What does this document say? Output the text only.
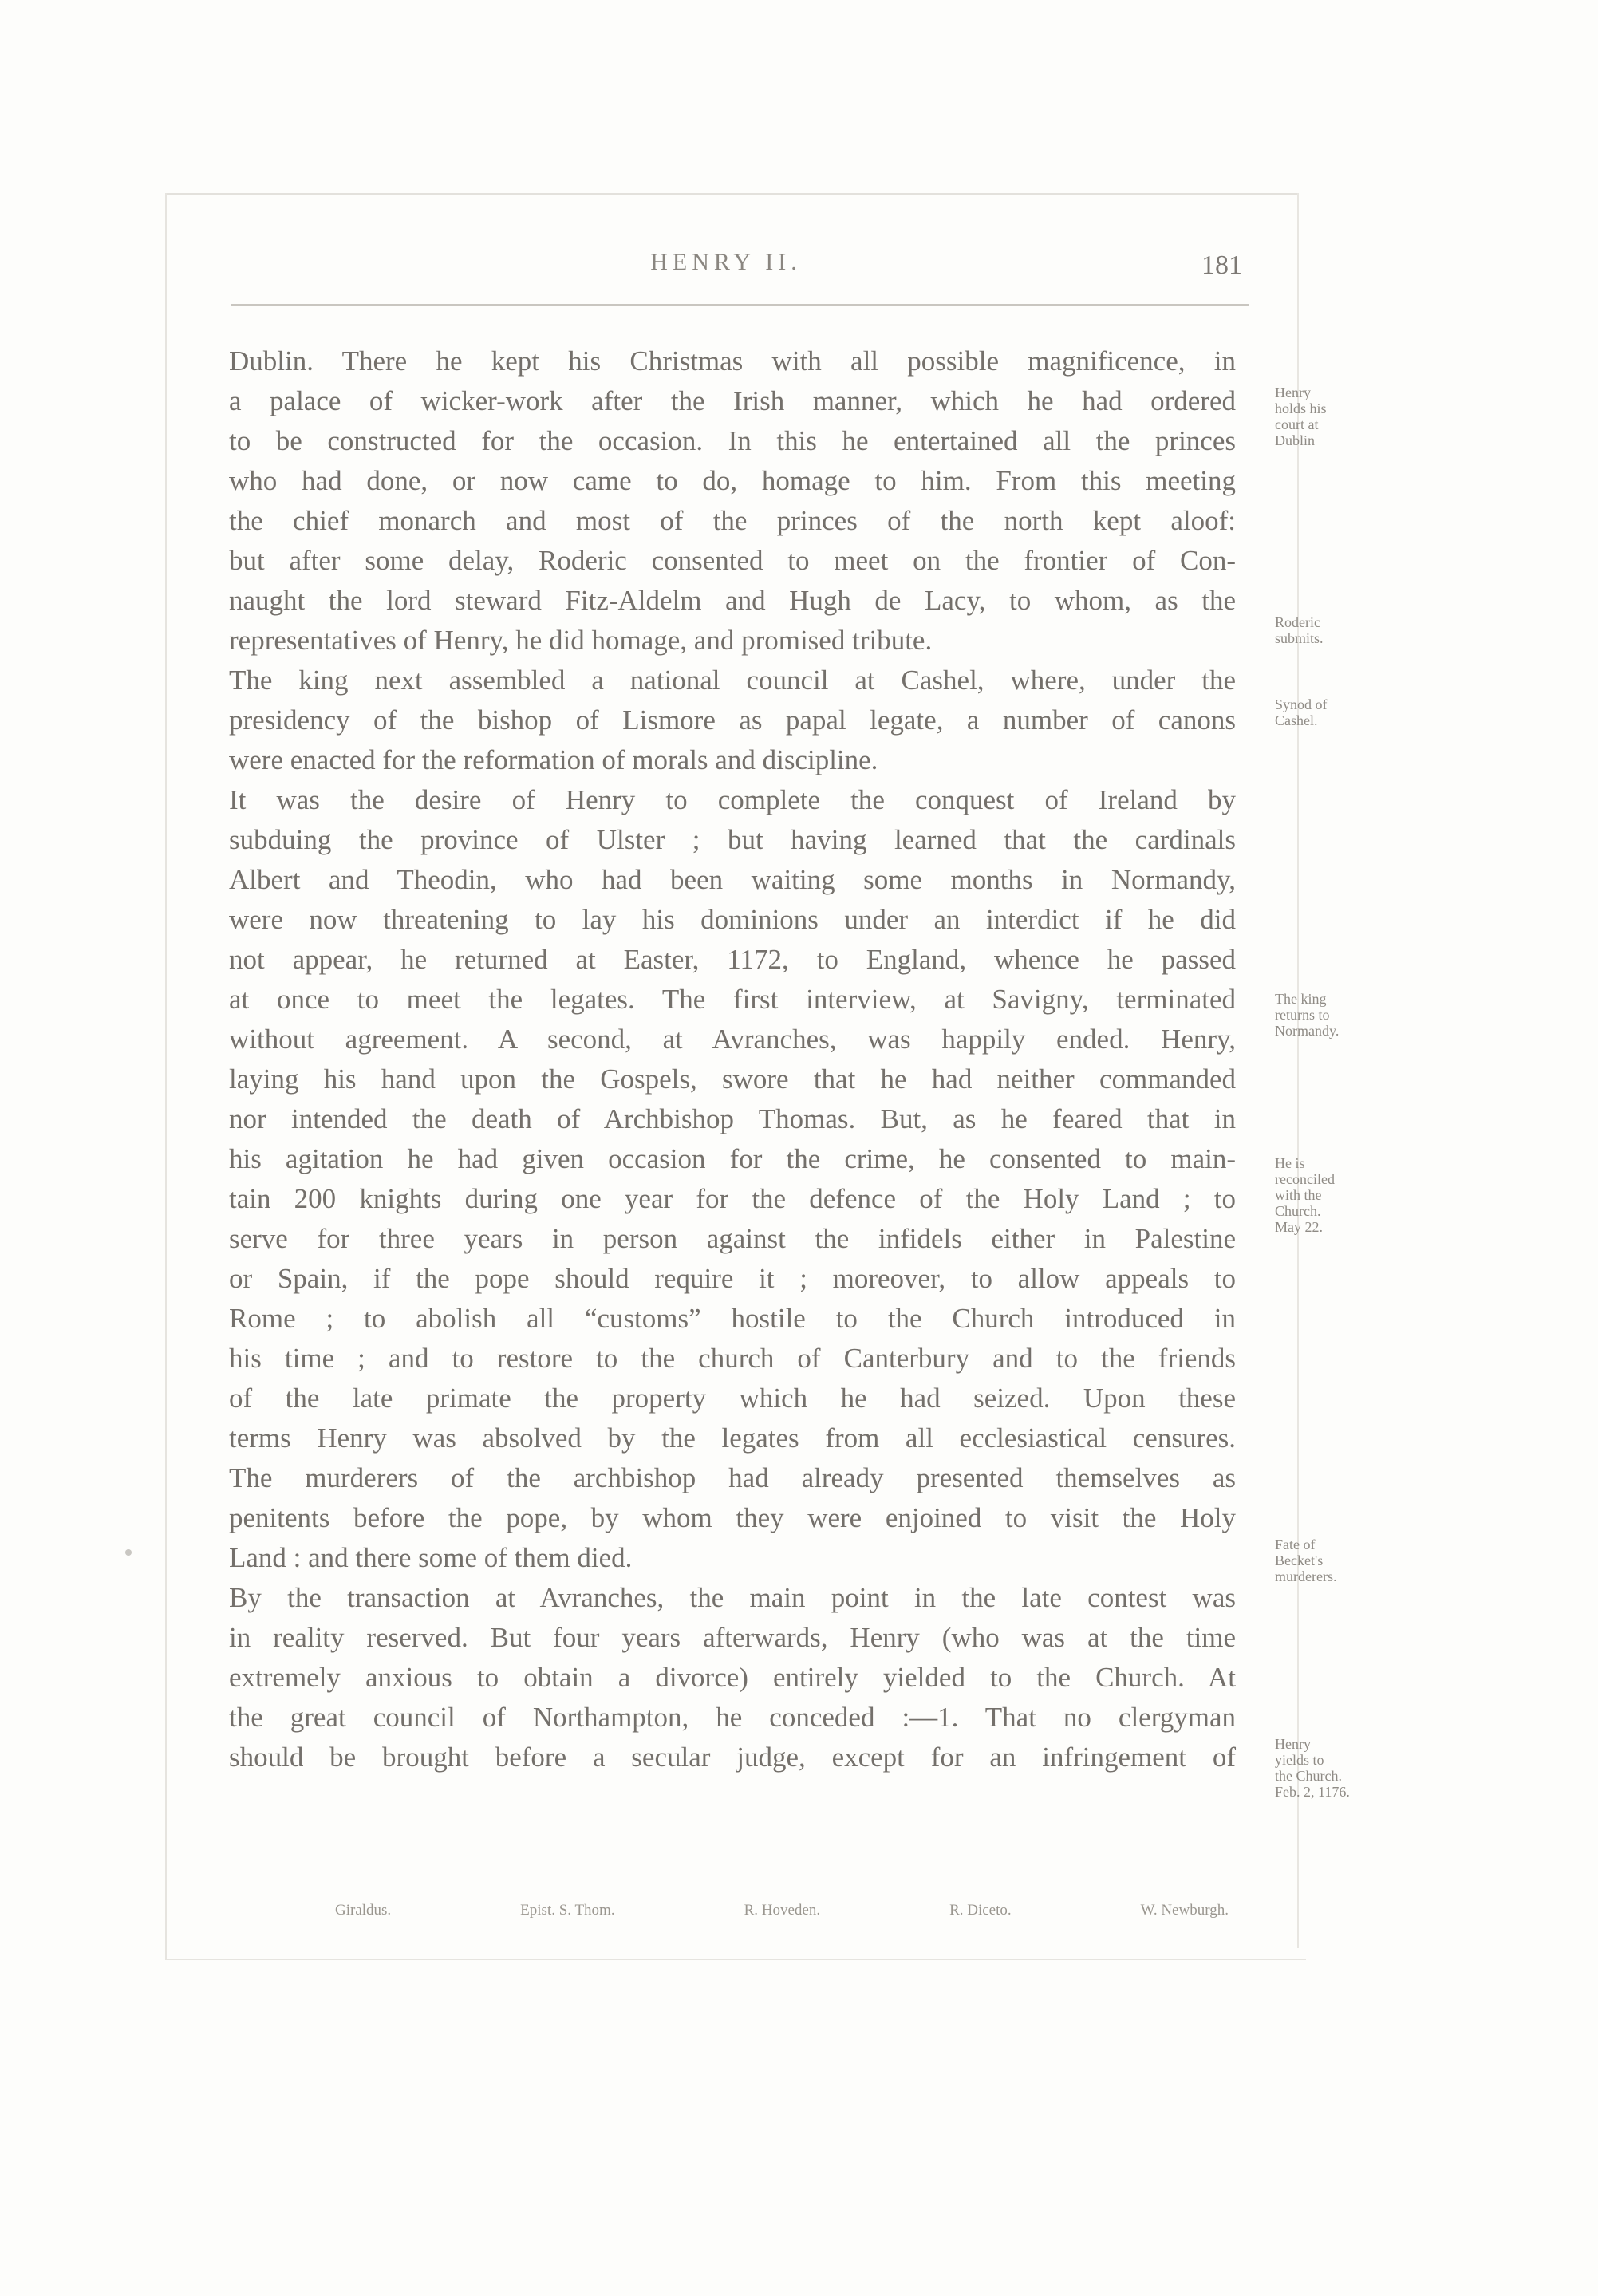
HENRY II.	181
Dublin. There he kept his Christmas with all possible magnificence, in
a palace of wicker-work after the Irish manner, which he had ordered
to be constructed for the occasion. In this he entertained all the princes
who had done, or now came to do, homage to him. From this meeting
the chief monarch and most of the princes of the north kept aloof:
but after some delay, Roderic consented to meet on the frontier of Con-
naught the lord steward Fitz-Aldelm and Hugh de Lacy, to whom, as the
representatives of Henry, he did homage, and promised tribute.
The king next assembled a national council at Cashel, where, under the
presidency of the bishop of Lismore as papal legate, a number of canons
were enacted for the reformation of morals and discipline.
It was the desire of Henry to complete the conquest of Ireland by
subduing the province of Ulster ; but having learned that the cardinals
Albert and Theodin, who had been waiting some months in Normandy,
were now threatening to lay his dominions under an interdict if he did
not appear, he returned at Easter, 1172, to England, whence he passed
at once to meet the legates. The first interview, at Savigny, terminated
without agreement. A second, at Avranches, was happily ended. Henry,
laying his hand upon the Gospels, swore that he had neither commanded
nor intended the death of Archbishop Thomas. But, as he feared that in
his agitation he had given occasion for the crime, he consented to main-
tain 200 knights during one year for the defence of the Holy Land ; to
serve for three years in person against the infidels either in Palestine
or Spain, if the pope should require it ; moreover, to allow appeals to
Rome ; to abolish all “customs” hostile to the Church introduced in
his time ; and to restore to the church of Canterbury and to the friends
of the late primate the property which he had seized. Upon these
terms Henry was absolved by the legates from all ecclesiastical censures.
The murderers of the archbishop had already presented themselves as
penitents before the pope, by whom they were enjoined to visit the Holy
Land : and there some of them died.
By the transaction at Avranches, the main point in the late contest was
in reality reserved. But four years afterwards, Henry (who was at the time
extremely anxious to obtain a divorce) entirely yielded to the Church. At
the great council of Northampton, he conceded :—1. That no clergyman
should be brought before a secular judge, except for an infringement of
Henry
holds his
court at
Dublin
Roderic
submits.
Synod of
Cashel.
The king
returns to
Normandy.
He is
reconciled
with the
Church.
May 22.
Fate of
Becket's
murderers.
Henry
yields to
the Church.
Feb. 2, 1176.
Giraldus.	Epist. S. Thom.	R. Hoveden.	R. Diceto.	W. Newburgh.
